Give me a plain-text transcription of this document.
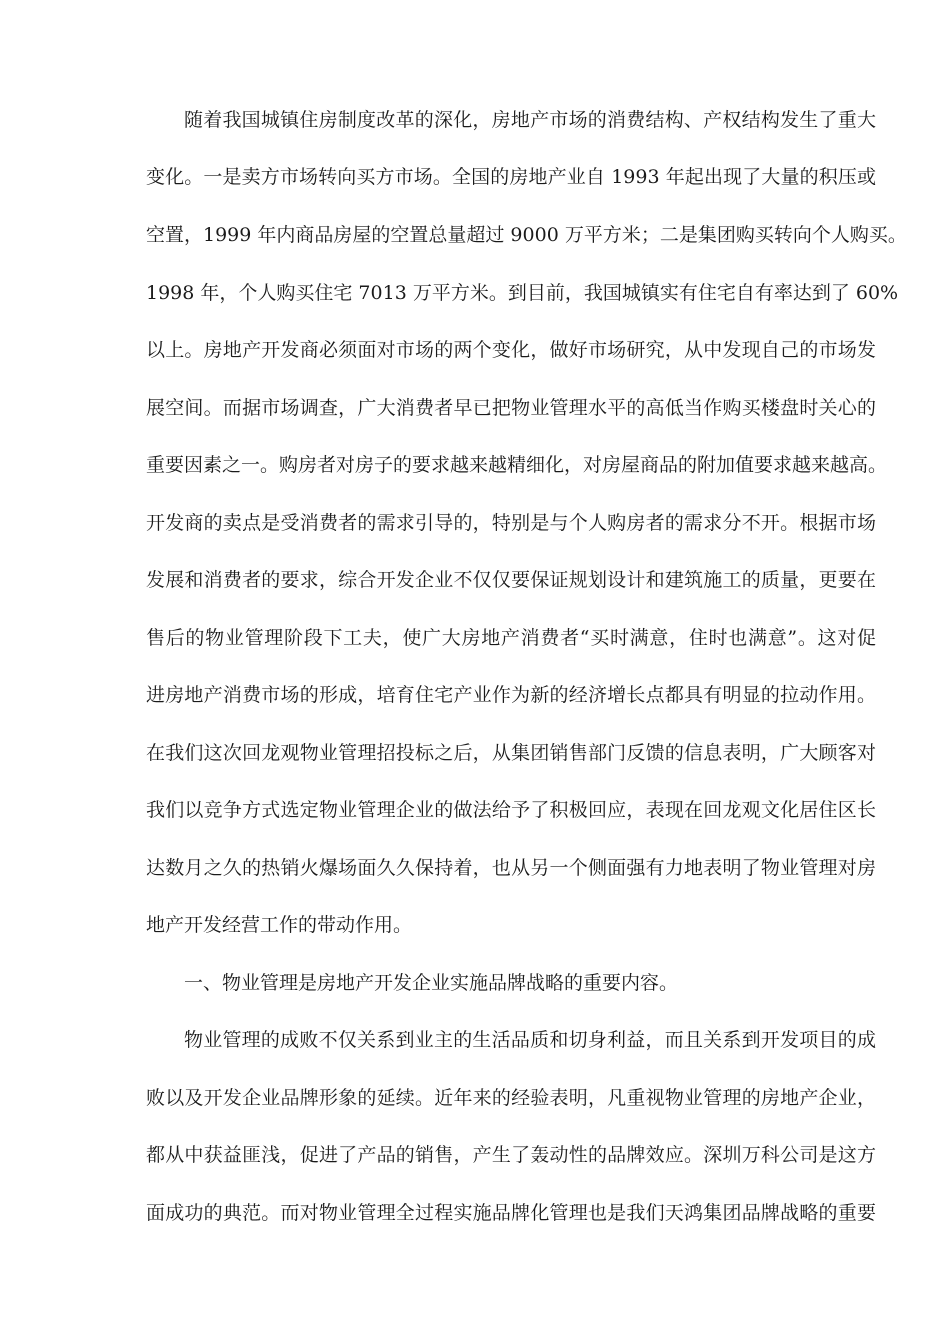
随着我国城镇住房制度改革的深化，房地产市场的消费结构、产权结构发生了重大
变化。一是卖方市场转向买方市场。全国的房地产业自 1993 年起出现了大量的积压或
空置，1999 年内商品房屋的空置总量超过 9000 万平方米；二是集团购买转向个人购买。
1998 年，个人购买住宅 7013 万平方米。到目前，我国城镇实有住宅自有率达到了 60%
以上。房地产开发商必须面对市场的两个变化，做好市场研究，从中发现自己的市场发
展空间。而据市场调查，广大消费者早已把物业管理水平的高低当作购买楼盘时关心的
重要因素之一。购房者对房子的要求越来越精细化，对房屋商品的附加值要求越来越高。
开发商的卖点是受消费者的需求引导的，特别是与个人购房者的需求分不开。根据市场
发展和消费者的要求，综合开发企业不仅仅要保证规划设计和建筑施工的质量，更要在
售后的物业管理阶段下工夫，使广大房地产消费者“买时满意，住时也满意”。这对促
进房地产消费市场的形成，培育住宅产业作为新的经济增长点都具有明显的拉动作用。
在我们这次回龙观物业管理招投标之后，从集团销售部门反馈的信息表明，广大顾客对
我们以竞争方式选定物业管理企业的做法给予了积极回应，表现在回龙观文化居住区长
达数月之久的热销火爆场面久久保持着，也从另一个侧面强有力地表明了物业管理对房
地产开发经营工作的带动作用。
一、物业管理是房地产开发企业实施品牌战略的重要内容。
物业管理的成败不仅关系到业主的生活品质和切身利益，而且关系到开发项目的成
败以及开发企业品牌形象的延续。近年来的经验表明，凡重视物业管理的房地产企业，
都从中获益匪浅，促进了产品的销售，产生了轰动性的品牌效应。深圳万科公司是这方
面成功的典范。而对物业管理全过程实施品牌化管理也是我们天鸿集团品牌战略的重要
